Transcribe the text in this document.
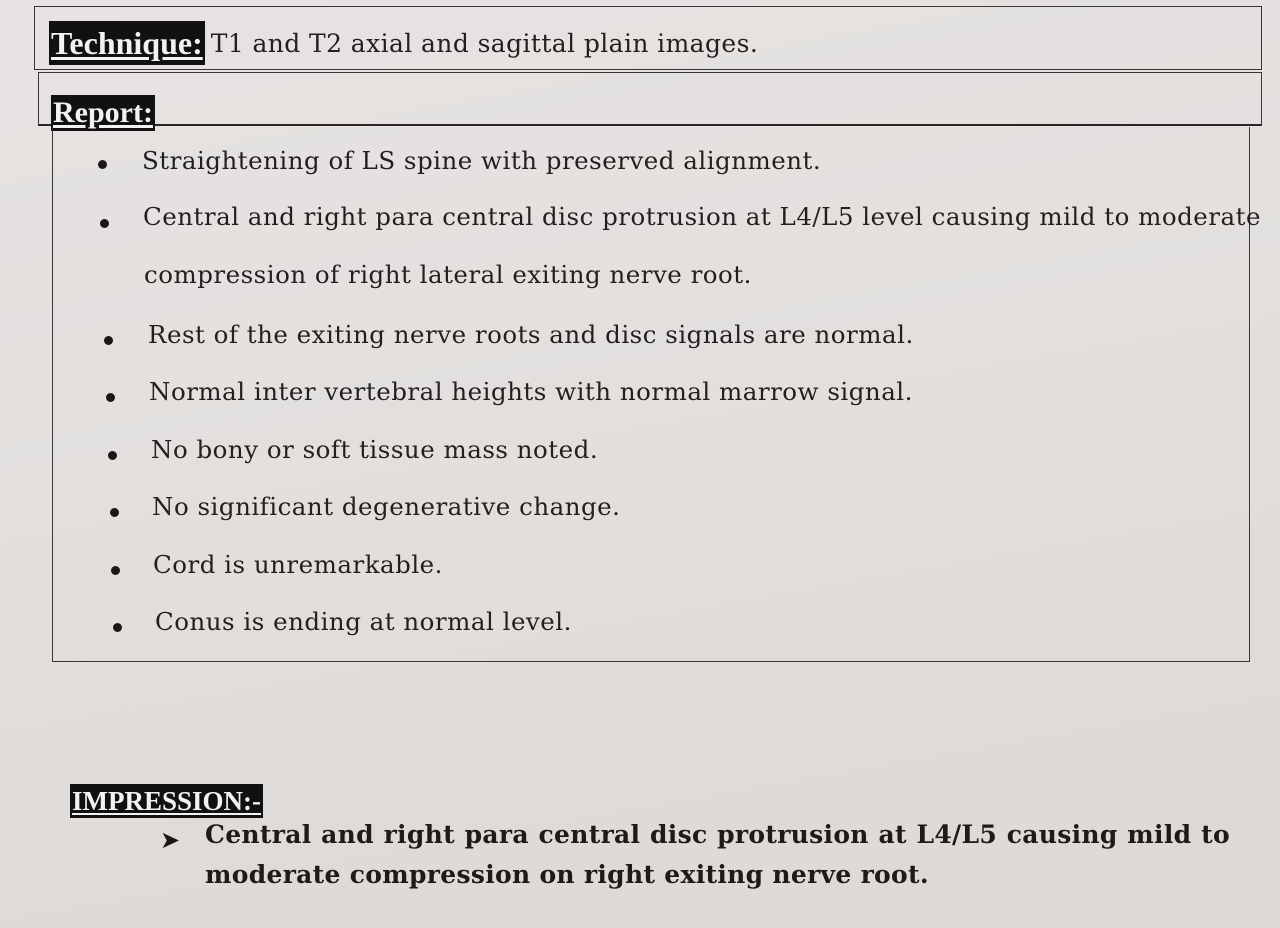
Technique: T1 and T2 axial and sagittal plain images.
Report:
Straightening of LS spine with preserved alignment.
Central and right para central disc protrusion at L4/L5 level causing mild to moderate
compression of right lateral exiting nerve root.
Rest of the exiting nerve roots and disc signals are normal.
Normal inter vertebral heights with normal marrow signal.
No bony or soft tissue mass noted.
No significant degenerative change.
Cord is unremarkable.
Conus is ending at normal level.
IMPRESSION:-
➤ Central and right para central disc protrusion at L4/L5 causing mild to
moderate compression on right exiting nerve root.
